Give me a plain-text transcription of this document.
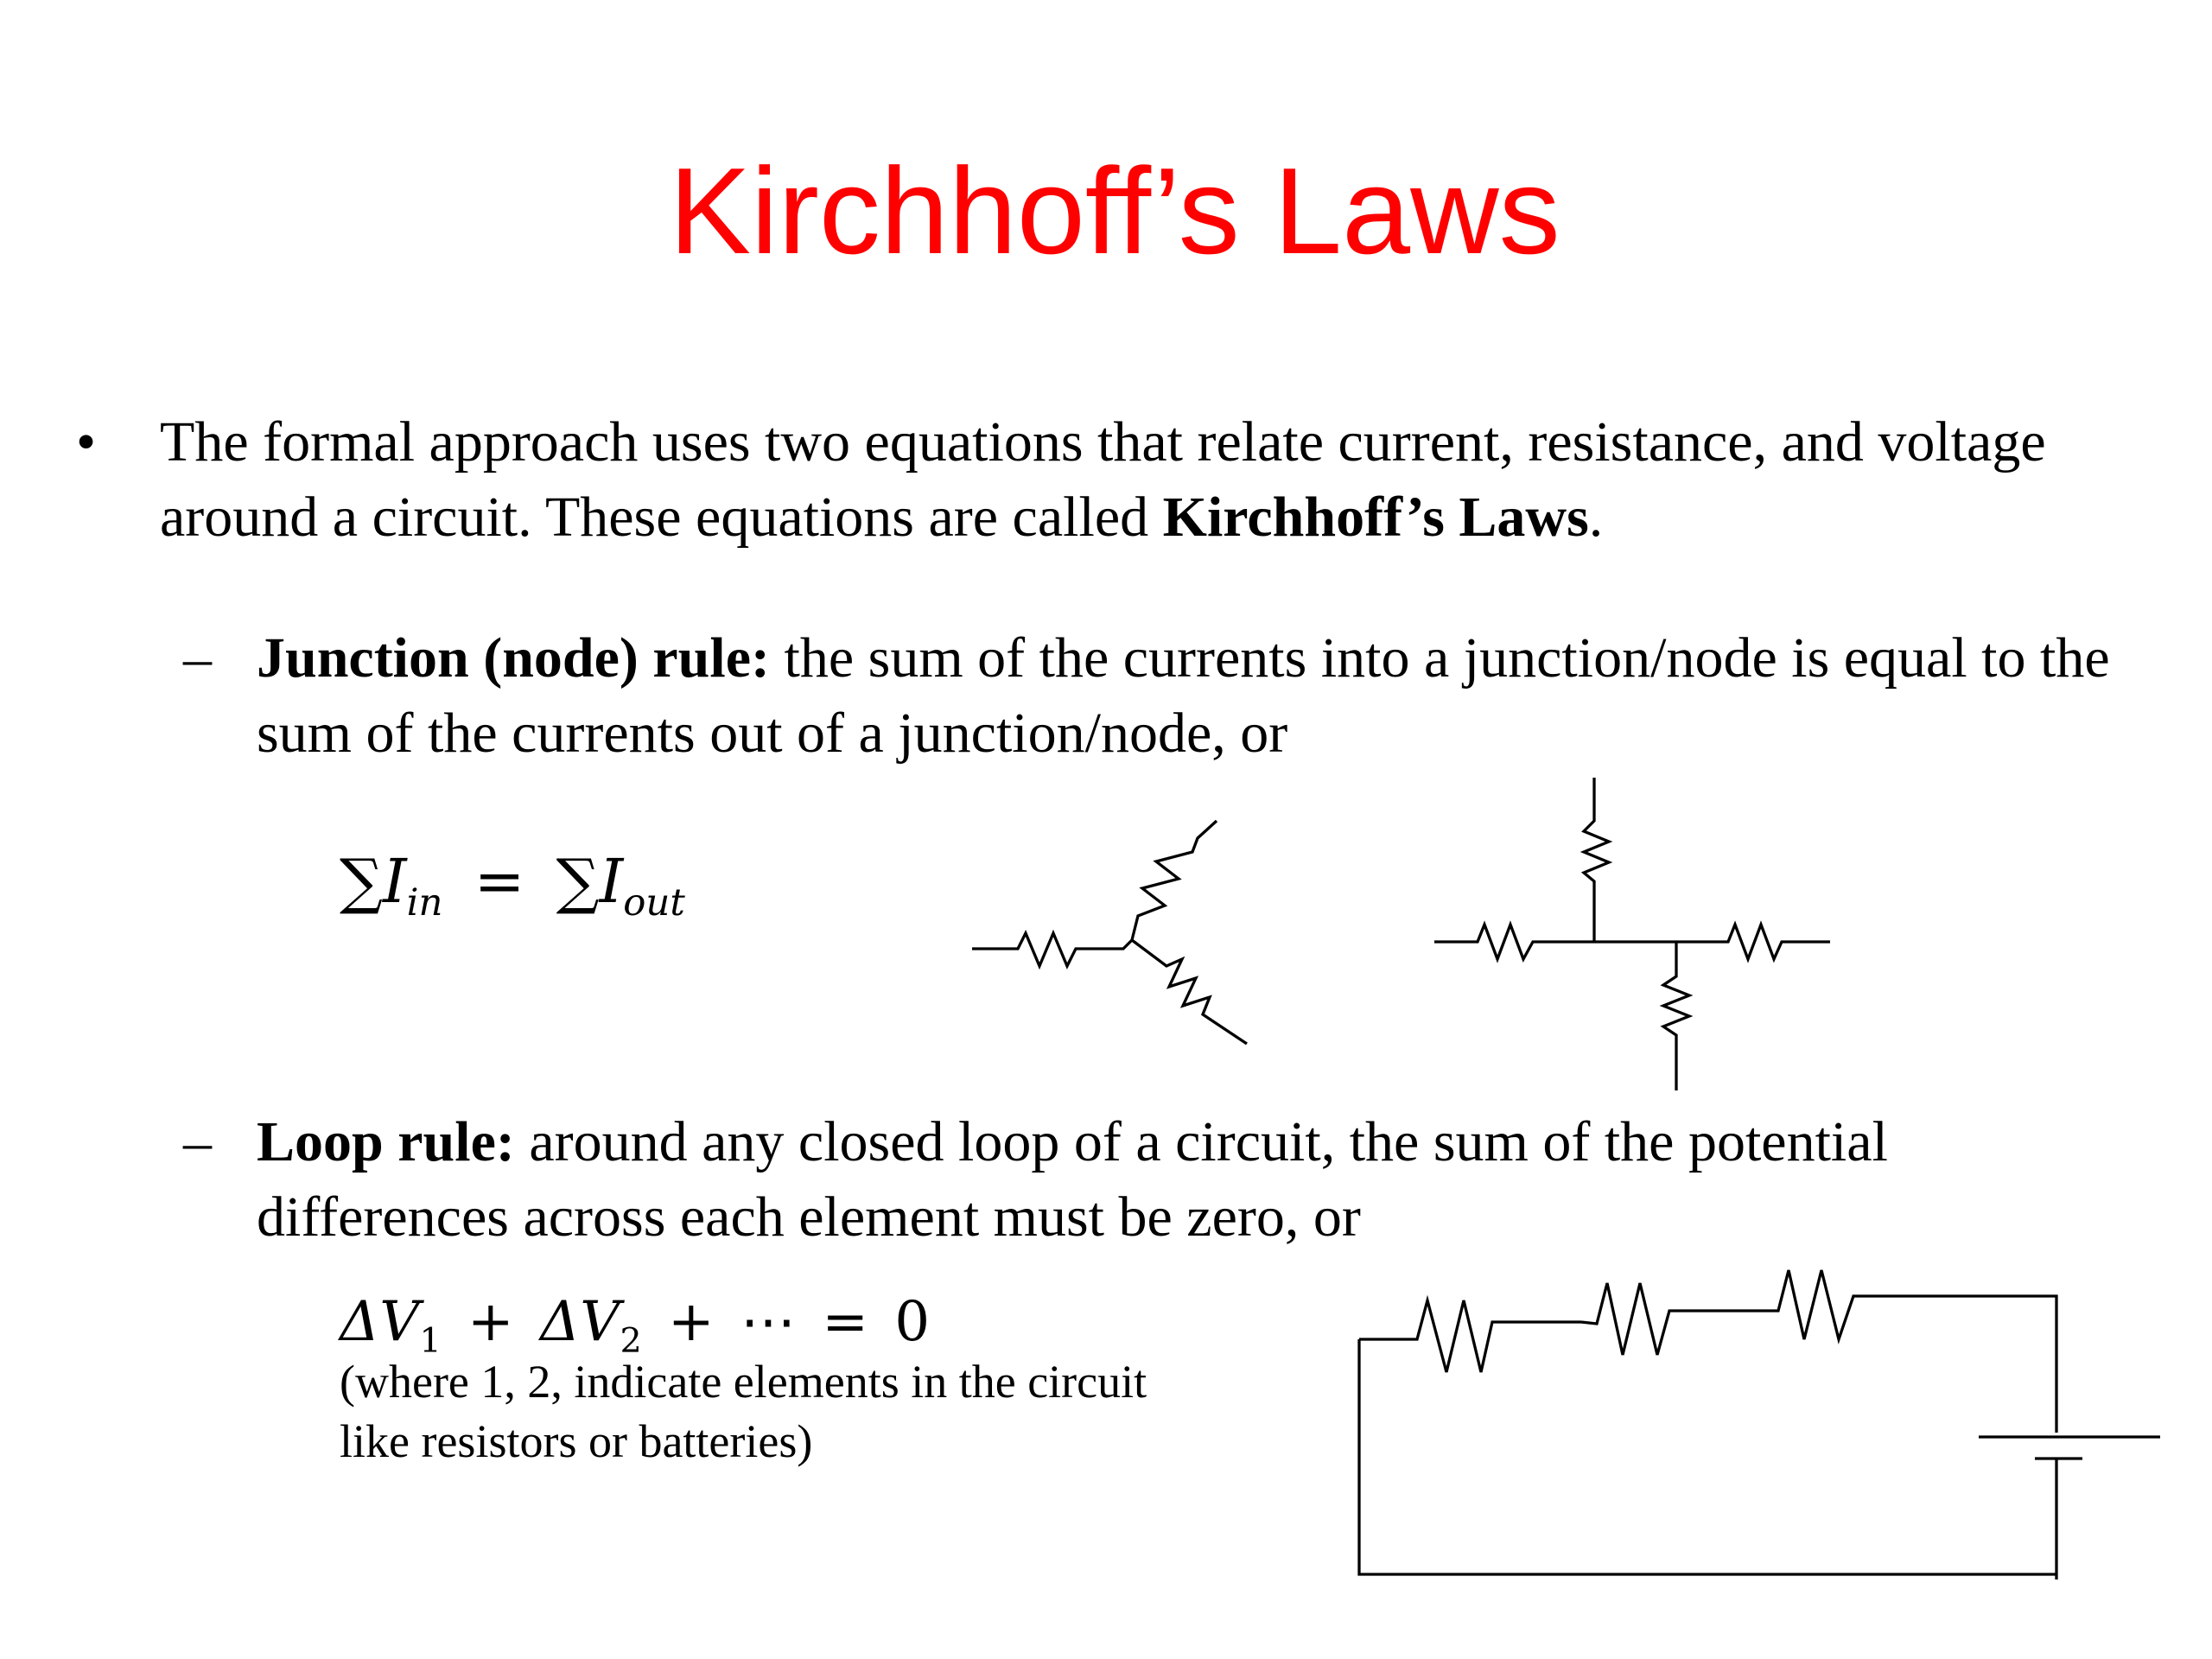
Kirchhoff’s Laws
• The formal approach uses two equations that relate current, resistance, and voltage around a circuit. These equations are called Kirchhoff’s Laws.

– Junction (node) rule: the sum of the currents into a junction/node is equal to the sum of the currents out of a junction/node, or

$\sum I_{in} = \sum I_{out}$
– Loop rule: around any closed loop of a circuit, the sum of the potential differences across each element must be zero, or

$\Delta V_1 + \Delta V_2$ + ⋯ = 0

(where 1, 2, indicate elements in the circuit like resistors or batteries)
